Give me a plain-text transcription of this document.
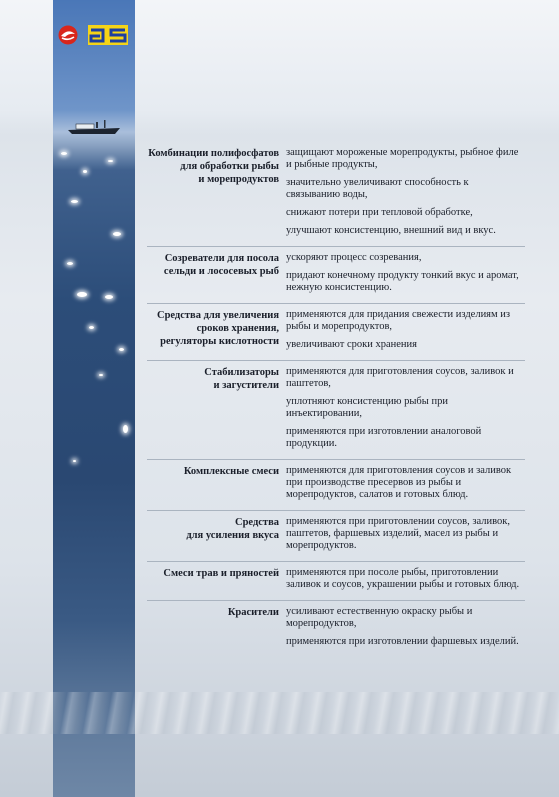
Комбинации полифосфатов
для обработки рыбы
и морепродуктов
защищают мороженые морепродукты, рыбное филе и рыбные продукты,
значительно увеличивают способность к связыванию воды,
снижают потери при тепловой обработке,
улучшают консистенцию, внешний вид и вкус.
Созреватели для посола
сельди и лососевых рыб
ускоряют процесс созревания,
придают конечному продукту тонкий вкус и аромат, нежную консистенцию.
Средства для увеличения
сроков хранения,
регуляторы кислотности
применяются для придания свежести изделиям из рыбы и морепродуктов,
увеличивают сроки хранения
Стабилизаторы
и загустители
применяются для приготовления соусов, заливок и паштетов,
уплотняют консистенцию рыбы при инъектировании,
применяются при изготовлении аналоговой продукции.
Комплексные смеси применяются для приготовления соусов и заливок при производстве пресервов из рыбы и морепродуктов, салатов и готовых блюд.
Средства
для усиления вкуса
применяются при приготовлении соусов, заливок, паштетов, фаршевых изделий, масел из рыбы и морепродуктов.
Смеси трав и пряностей применяются при посоле рыбы, приготовлении заливок и соусов, украшении рыбы и готовых блюд.
Красители усиливают естественную окраску рыбы и морепродуктов,
применяются при изготовлении фаршевых изделий.
